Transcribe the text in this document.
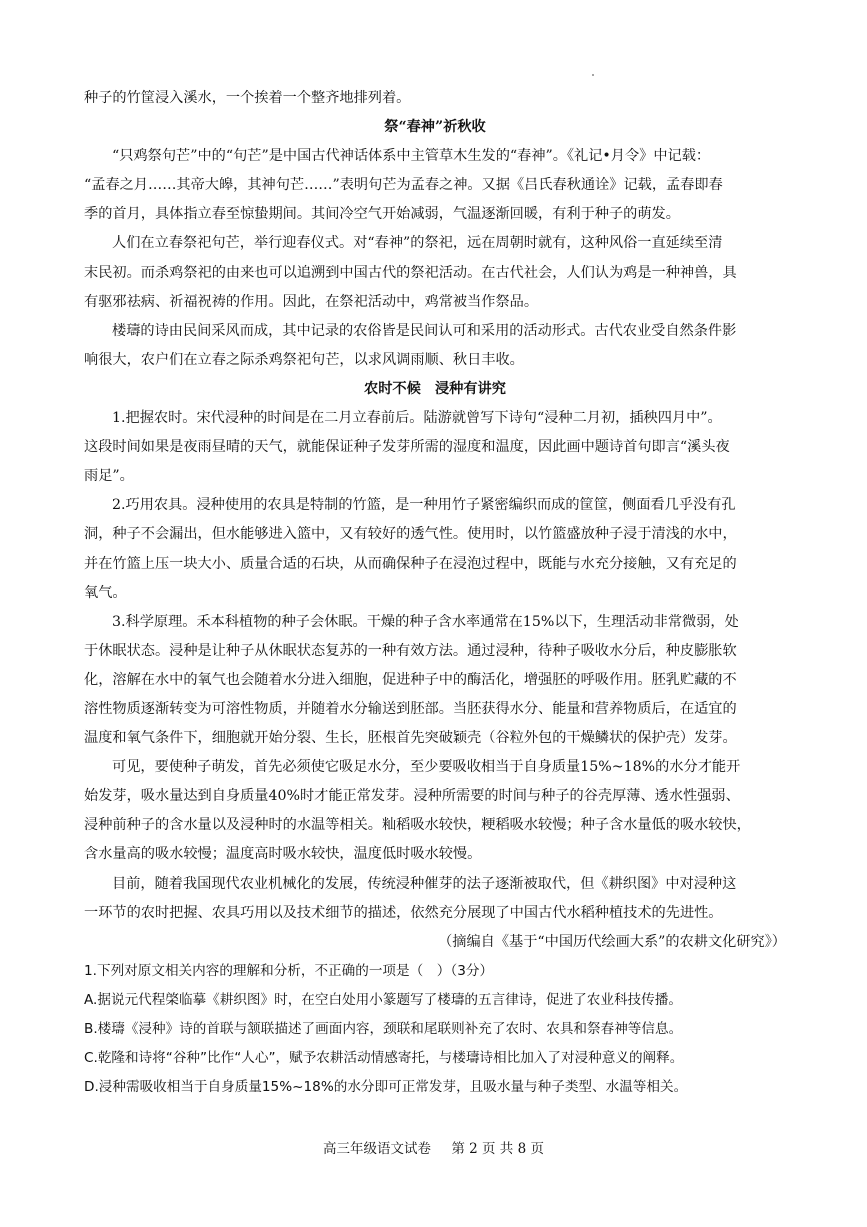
种子的竹筐浸入溪水，一个挨着一个整齐地排列着。
祭“春神”祈秋收
“只鸡祭句芒”中的“句芒”是中国古代神话体系中主管草木生发的“春神”。《礼记•月令》中记载：
“孟春之月……其帝大皞，其神句芒……”表明句芒为孟春之神。又据《吕氏春秋通诠》记载，孟春即春
季的首月，具体指立春至惊蛰期间。其间冷空气开始减弱，气温逐渐回暖，有利于种子的萌发。
人们在立春祭祀句芒，举行迎春仪式。对“春神”的祭祀，远在周朝时就有，这种风俗一直延续至清
末民初。而杀鸡祭祀的由来也可以追溯到中国古代的祭祀活动。在古代社会，人们认为鸡是一种神兽，具
有驱邪祛病、祈福祝祷的作用。因此，在祭祀活动中，鸡常被当作祭品。
楼璹的诗由民间采风而成，其中记录的农俗皆是民间认可和采用的活动形式。古代农业受自然条件影
响很大，农户们在立春之际杀鸡祭祀句芒，以求风调雨顺、秋日丰收。
农时不候　浸种有讲究
1.把握农时。宋代浸种的时间是在二月立春前后。陆游就曾写下诗句“浸种二月初，插秧四月中”。
这段时间如果是夜雨昼晴的天气，就能保证种子发芽所需的湿度和温度，因此画中题诗首句即言“溪头夜
雨足”。
2.巧用农具。浸种使用的农具是特制的竹篮，是一种用竹子紧密编织而成的筐筐，侧面看几乎没有孔
洞，种子不会漏出，但水能够进入篮中，又有较好的透气性。使用时，以竹篮盛放种子浸于清浅的水中，
并在竹篮上压一块大小、质量合适的石块，从而确保种子在浸泡过程中，既能与水充分接触，又有充足的
氧气。
3.科学原理。禾本科植物的种子会休眠。干燥的种子含水率通常在15%以下，生理活动非常微弱，处
于休眠状态。浸种是让种子从休眠状态复苏的一种有效方法。通过浸种，待种子吸收水分后，种皮膨胀软
化，溶解在水中的氧气也会随着水分进入细胞，促进种子中的酶活化，增强胚的呼吸作用。胚乳贮藏的不
溶性物质逐渐转变为可溶性物质，并随着水分输送到胚部。当胚获得水分、能量和营养物质后，在适宜的
温度和氧气条件下，细胞就开始分裂、生长，胚根首先突破颖壳（谷粒外包的干燥鳞状的保护壳）发芽。
可见，要使种子萌发，首先必须使它吸足水分，至少要吸收相当于自身质量15%~18%的水分才能开
始发芽，吸水量达到自身质量40%时才能正常发芽。浸种所需要的时间与种子的谷壳厚薄、透水性强弱、
浸种前种子的含水量以及浸种时的水温等相关。籼稻吸水较快，粳稻吸水较慢；种子含水量低的吸水较快，
含水量高的吸水较慢；温度高时吸水较快，温度低时吸水较慢。
目前，随着我国现代农业机械化的发展，传统浸种催芽的法子逐渐被取代，但《耕织图》中对浸种这
一环节的农时把握、农具巧用以及技术细节的描述，依然充分展现了中国古代水稻种植技术的先进性。
（摘编自《基于“中国历代绘画大系”的农耕文化研究》）
1.下列对原文相关内容的理解和分析，不正确的一项是（　）（3分）
A.据说元代程棨临摹《耕织图》时，在空白处用小篆题写了楼璹的五言律诗，促进了农业科技传播。
B.楼璹《浸种》诗的首联与颔联描述了画面内容，颈联和尾联则补充了农时、农具和祭春神等信息。
C.乾隆和诗将“谷种”比作“人心”，赋予农耕活动情感寄托，与楼璹诗相比加入了对浸种意义的阐释。
D.浸种需吸收相当于自身质量15%~18%的水分即可正常发芽，且吸水量与种子类型、水温等相关。
高三年级语文试卷 第 2 页 共 8 页
